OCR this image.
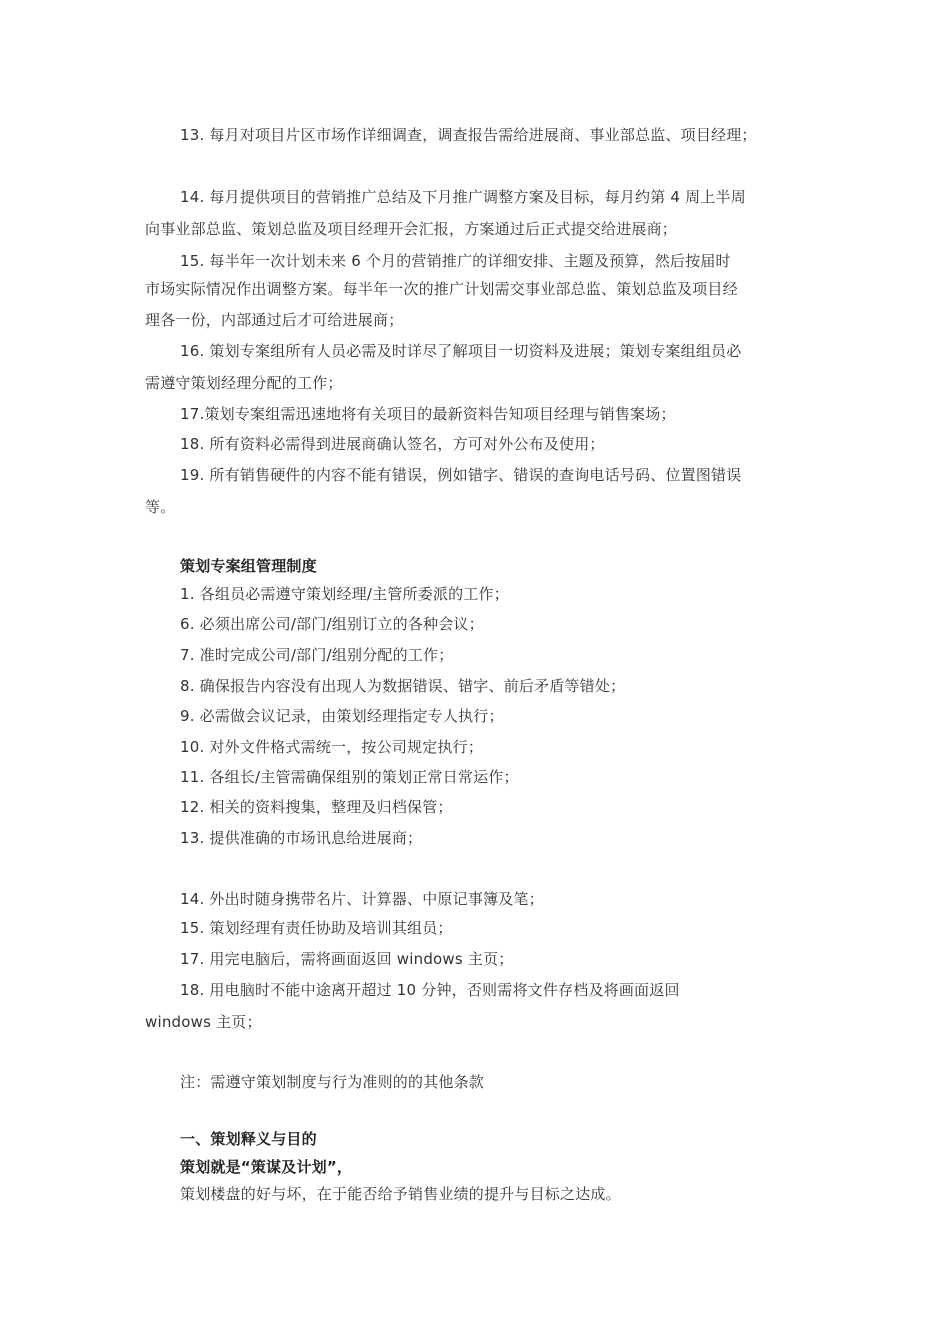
13. 每月对项目片区市场作详细调查，调查报告需给进展商、事业部总监、项目经理；
14. 每月提供项目的营销推广总结及下月推广调整方案及目标，每月约第 4 周上半周
向事业部总监、策划总监及项目经理开会汇报，方案通过后正式提交给进展商；
15. 每半年一次计划未来 6 个月的营销推广的详细安排、主题及预算，然后按届时
市场实际情况作出调整方案。每半年一次的推广计划需交事业部总监、策划总监及项目经
理各一份，内部通过后才可给进展商；
16. 策划专案组所有人员必需及时详尽了解项目一切资料及进展；策划专案组组员必
需遵守策划经理分配的工作；
17.策划专案组需迅速地将有关项目的最新资料告知项目经理与销售案场；
18. 所有资料必需得到进展商确认签名，方可对外公布及使用；
19. 所有销售硬件的内容不能有错误，例如错字、错误的查询电话号码、位置图错误
等。
策划专案组管理制度
1. 各组员必需遵守策划经理/主管所委派的工作；
6. 必须出席公司/部门/组别订立的各种会议；
7. 准时完成公司/部门/组别分配的工作；
8. 确保报告内容没有出现人为数据错误、错字、前后矛盾等错处；
9. 必需做会议记录，由策划经理指定专人执行；
10. 对外文件格式需统一，按公司规定执行；
11. 各组长/主管需确保组别的策划正常日常运作；
12. 相关的资料搜集，整理及归档保管；
13. 提供准确的市场讯息给进展商；
14. 外出时随身携带名片、计算器、中原记事簿及笔；
15. 策划经理有责任协助及培训其组员；
17. 用完电脑后，需将画面返回 windows 主页；
18. 用电脑时不能中途离开超过 10 分钟，否则需将文件存档及将画面返回
windows 主页；
注：需遵守策划制度与行为准则的的其他条款
一、策划释义与目的
策划就是“策谋及计划”，
策划楼盘的好与坏，在于能否给予销售业绩的提升与目标之达成。
